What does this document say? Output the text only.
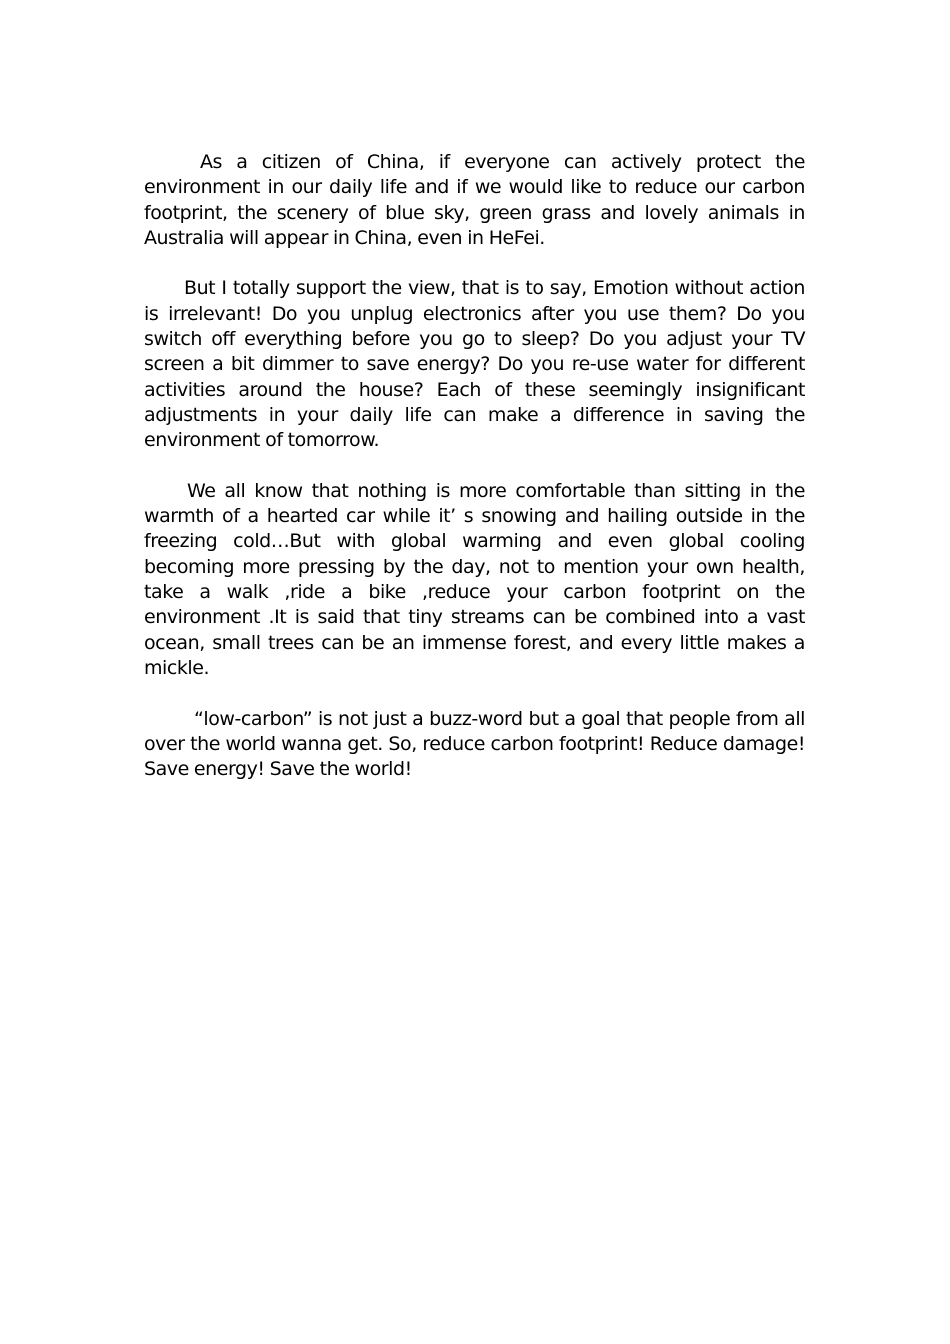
As a citizen of China, if everyone can actively protect the environment in our daily life and if we would like to reduce our carbon footprint, the scenery of blue sky, green grass and lovely animals in Australia will appear in China, even in HeFei.

But I totally support the view, that is to say, Emotion without action is irrelevant! Do you unplug electronics after you use them? Do you switch off everything before you go to sleep? Do you adjust your TV screen a bit dimmer to save energy? Do you re-use water for different activities around the house? Each of these seemingly insignificant adjustments in your daily life can make a difference in saving the environment of tomorrow.

We all know that nothing is more comfortable than sitting in the warmth of a hearted car while it’ s snowing and hailing outside in the freezing cold…But with global warming and even global cooling becoming more pressing by the day, not to mention your own health, take a walk ,ride a bike ,reduce your carbon footprint on the environment .It is said that tiny streams can be combined into a vast ocean, small trees can be an immense forest, and every little makes a mickle.

“low-carbon” is not just a buzz-word but a goal that people from all over the world wanna get. So, reduce carbon footprint! Reduce damage! Save energy! Save the world!
